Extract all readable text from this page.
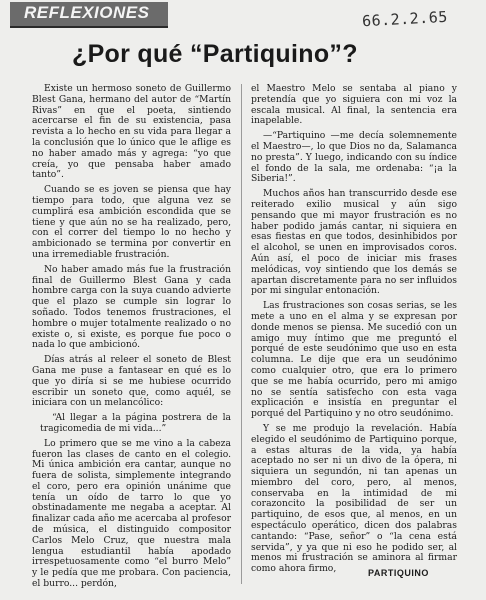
REFLEXIONES	66.2.2.65
¿Por qué “Partiquino”?

Existe un hermoso soneto de Guillermo Blest Gana, hermano del autor de “Martín Rivas” en que el poeta, sintiendo acercarse el fin de su existencia, pasa revista a lo hecho en su vida para llegar a la conclusión que lo único que le aflige es no haber amado más y agrega: “yo que creía, yo que pensaba haber amado tanto”.

Cuando se es joven se piensa que hay tiempo para todo, que alguna vez se cumplirá esa ambición escondida que se tiene y que aún no se ha realizado, pero, con el correr del tiempo lo no hecho y ambicionado se termina por convertir en una irremediable frustración.

No haber amado más fue la frustración final de Guillermo Blest Gana y cada hombre carga con la suya cuando advierte que el plazo se cumple sin lograr lo soñado. Todos tenemos frustraciones, el hombre o mujer totalmente realizado o no existe o, si existe, es porque fue poco o nada lo que ambicionó.

Días atrás al releer el soneto de Blest Gana me puse a fantasear en qué es lo que yo diría si se me hubiese ocurrido escribir un soneto que, como aquél, se iniciara con un melancólico:

“Al llegar a la página postrera de la tragicomedia de mi vida...”

Lo primero que se me vino a la cabeza fueron las clases de canto en el colegio. Mi única ambición era cantar, aunque no fuera de solista, simplemente integrando el coro, pero era opinión unánime que tenía un oído de tarro lo que yo obstinadamente me negaba a aceptar. Al finalizar cada año me acercaba al profesor de música, el distinguido compositor Carlos Melo Cruz, que nuestra mala lengua estudiantil había apodado irrespetuosamente como “el burro Melo” y le pedía que me probara. Con paciencia, el burro... perdón,

el Maestro Melo se sentaba al piano y pretendía que yo siguiera con mi voz la escala musical. Al final, la sentencia era inapelable.

—“Partiquino —me decía solemnemente el Maestro—, lo que Dios no da, Salamanca no presta”. Y luego, indicando con su índice el fondo de la sala, me ordenaba: “¡a la Siberia!”.

Muchos años han transcurrido desde ese reiterado exilio musical y aún sigo pensando que mi mayor frustración es no haber podido jamás cantar, ni siquiera en esas fiestas en que todos, desinhibidos por el alcohol, se unen en improvisados coros. Aún así, el poco de iniciar mis frases melódicas, voy sintiendo que los demás se apartan discretamente para no ser influidos por mi singular entonación.

Las frustraciones son cosas serias, se les mete a uno en el alma y se expresan por donde menos se piensa. Me sucedió con un amigo muy íntimo que me preguntó el porqué de este seudónimo que uso en esta columna. Le dije que era un seudónimo como cualquier otro, que era lo primero que se me había ocurrido, pero mi amigo no se sentía satisfecho con esta vaga explicación e insistía en preguntar el porqué del Partiquino y no otro seudónimo.

Y se me produjo la revelación. Había elegido el seudónimo de Partiquino porque, a estas alturas de la vida, ya había aceptado no ser ni un divo de la ópera, ni siquiera un segundón, ni tan apenas un miembro del coro, pero, al menos, conservaba en la intimidad de mi corazoncito la posibilidad de ser un partiquino, de esos que, al menos, en un espectáculo operático, dicen dos palabras cantando: “Pase, señor” o “la cena está servida”, y ya que ni eso he podido ser, al menos mi frustración se aminora al firmar como ahora firmo,	PARTIQUINO
